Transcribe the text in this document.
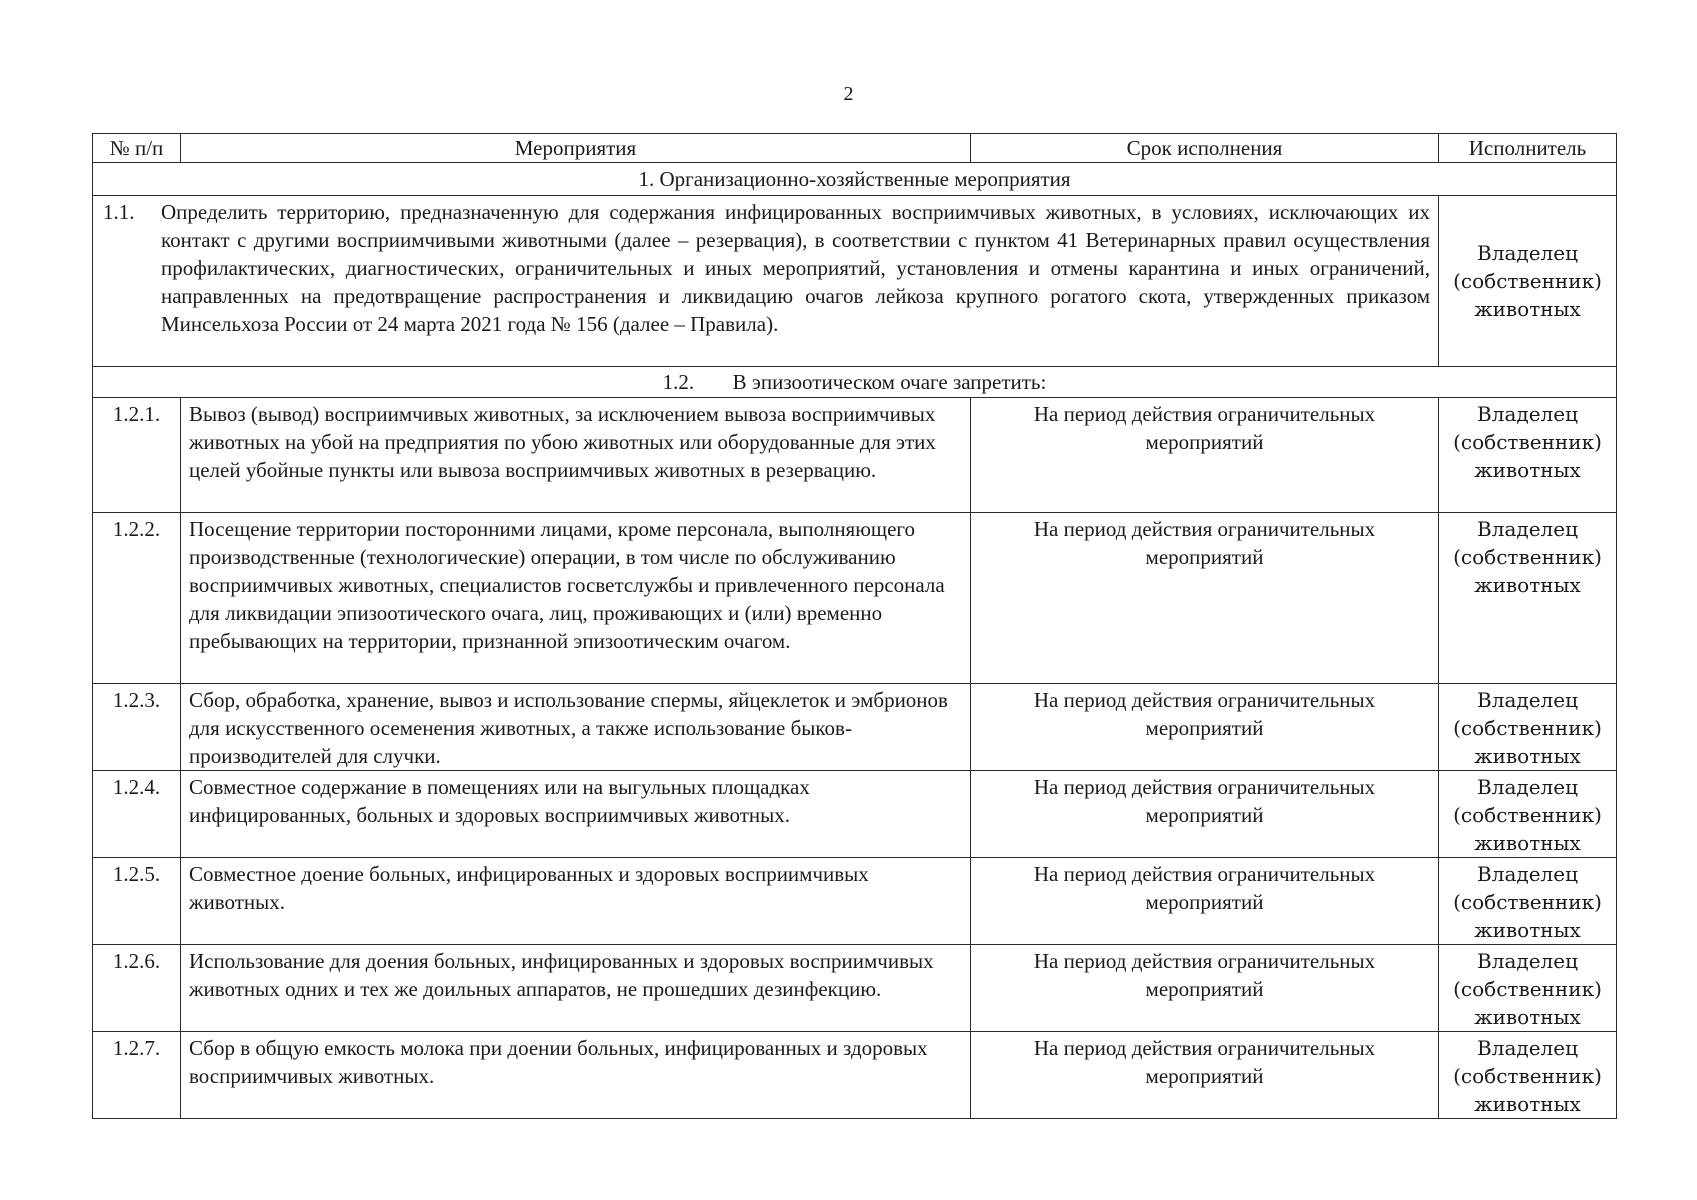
2
№ п/п	Мероприятия	Срок исполнения	Исполнитель
1. Организационно-хозяйственные мероприятия			

1.1. Определить территорию, предназначенную для содержания инфицированных восприимчивых животных, в условиях, исключающих их контакт с другими восприимчивыми животными (далее – резервация), в соответствии с пунктом 41 Ветеринарных правил осуществления профилактических, диагностических, ограничительных и иных мероприятий, установления и отмены карантина и иных ограничений, направленных на предотвращение распространения и ликвидацию очагов лейкоза крупного рогатого скота, утвержденных приказом Минсельхоза России от 24 марта 2021 года № 156 (далее – Правила).			Владелец (собственник) животных
1.2. В эпизоотическом очаге запретить:			
1.2.1.	Вывоз (вывод) восприимчивых животных, за исключением вывоза восприимчивых животных на убой на предприятия по убою животных или оборудованные для этих целей убойные пункты или вывоза восприимчивых животных в резервацию.	На период действия ограничительных мероприятий	Владелец (собственник) животных
1.2.2.	Посещение территории посторонними лицами, кроме персонала, выполняющего производственные (технологические) операции, в том числе по обслуживанию восприимчивых животных, специалистов госветслужбы и привлеченного персонала для ликвидации эпизоотического очага, лиц, проживающих и (или) временно пребывающих на территории, признанной эпизоотическим очагом.	На период действия ограничительных мероприятий	Владелец (собственник) животных
1.2.3.	Сбор, обработка, хранение, вывоз и использование спермы, яйцеклеток и эмбрионов для искусственного осеменения животных, а также использование быков-производителей для случки.	На период действия ограничительных мероприятий	Владелец (собственник) животных
1.2.4.	Совместное содержание в помещениях или на выгульных площадках инфицированных, больных и здоровых восприимчивых животных.	На период действия ограничительных мероприятий	Владелец (собственник) животных
1.2.5.	Совместное доение больных, инфицированных и здоровых восприимчивых животных.	На период действия ограничительных мероприятий	Владелец (собственник) животных
1.2.6.	Использование для доения больных, инфицированных и здоровых восприимчивых животных одних и тех же доильных аппаратов, не прошедших дезинфекцию.	На период действия ограничительных мероприятий	Владелец (собственник) животных
1.2.7.	Сбор в общую емкость молока при доении больных, инфицированных и здоровых восприимчивых животных.	На период действия ограничительных мероприятий	Владелец (собственник) животных
